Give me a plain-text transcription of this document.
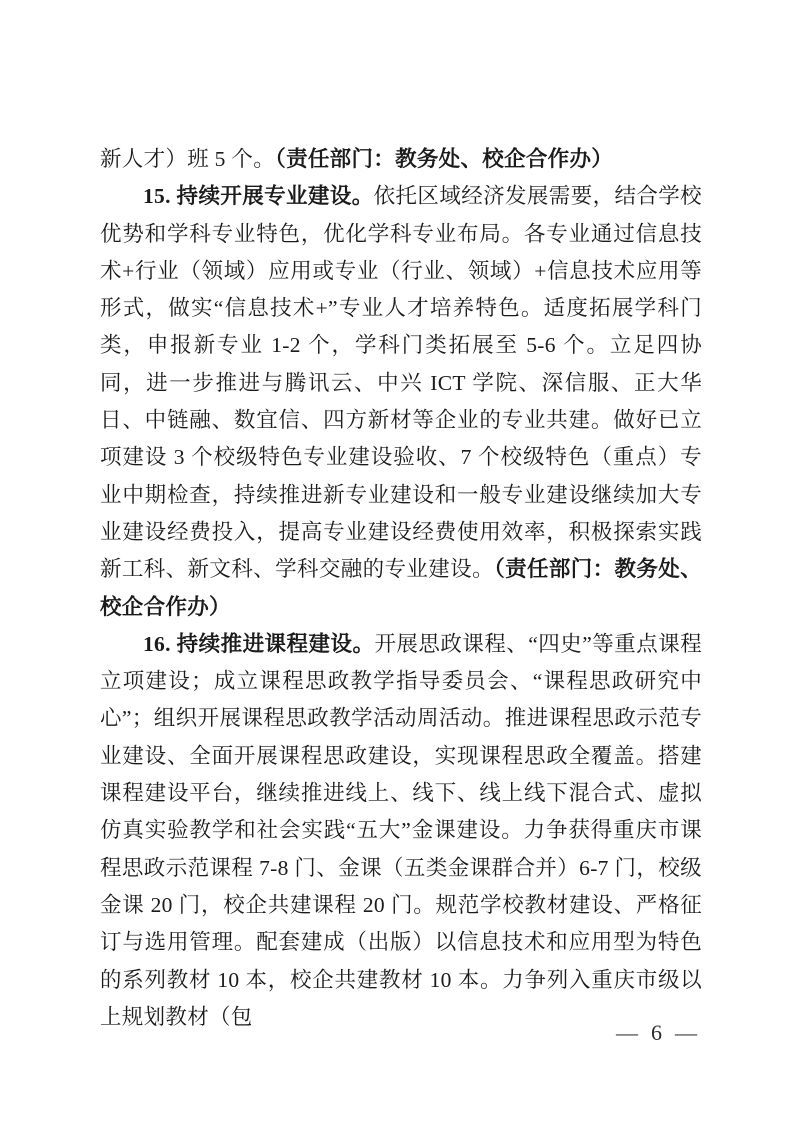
新人才）班 5 个。（责任部门：教务处、校企合作办）

15. 持续开展专业建设。依托区域经济发展需要，结合学校优势和学科专业特色，优化学科专业布局。各专业通过信息技术+行业（领域）应用或专业（行业、领域）+信息技术应用等形式，做实“信息技术+”专业人才培养特色。适度拓展学科门类，申报新专业 1-2 个，学科门类拓展至 5-6 个。立足四协同，进一步推进与腾讯云、中兴 ICT 学院、深信服、正大华日、中链融、数宜信、四方新材等企业的专业共建。做好已立项建设 3 个校级特色专业建设验收、7 个校级特色（重点）专业中期检查，持续推进新专业建设和一般专业建设继续加大专业建设经费投入，提高专业建设经费使用效率，积极探索实践新工科、新文科、学科交融的专业建设。（责任部门：教务处、校企合作办）

16. 持续推进课程建设。开展思政课程、“四史”等重点课程立项建设；成立课程思政教学指导委员会、“课程思政研究中心”；组织开展课程思政教学活动周活动。推进课程思政示范专业建设、全面开展课程思政建设，实现课程思政全覆盖。搭建课程建设平台，继续推进线上、线下、线上线下混合式、虚拟仿真实验教学和社会实践“五大”金课建设。力争获得重庆市课程思政示范课程 7-8 门、金课（五类金课群合并）6-7 门，校级金课 20 门，校企共建课程 20 门。规范学校教材建设、严格征订与选用管理。配套建成（出版）以信息技术和应用型为特色的系列教材 10 本，校企共建教材 10 本。力争列入重庆市级以上规划教材（包

— 6 —
